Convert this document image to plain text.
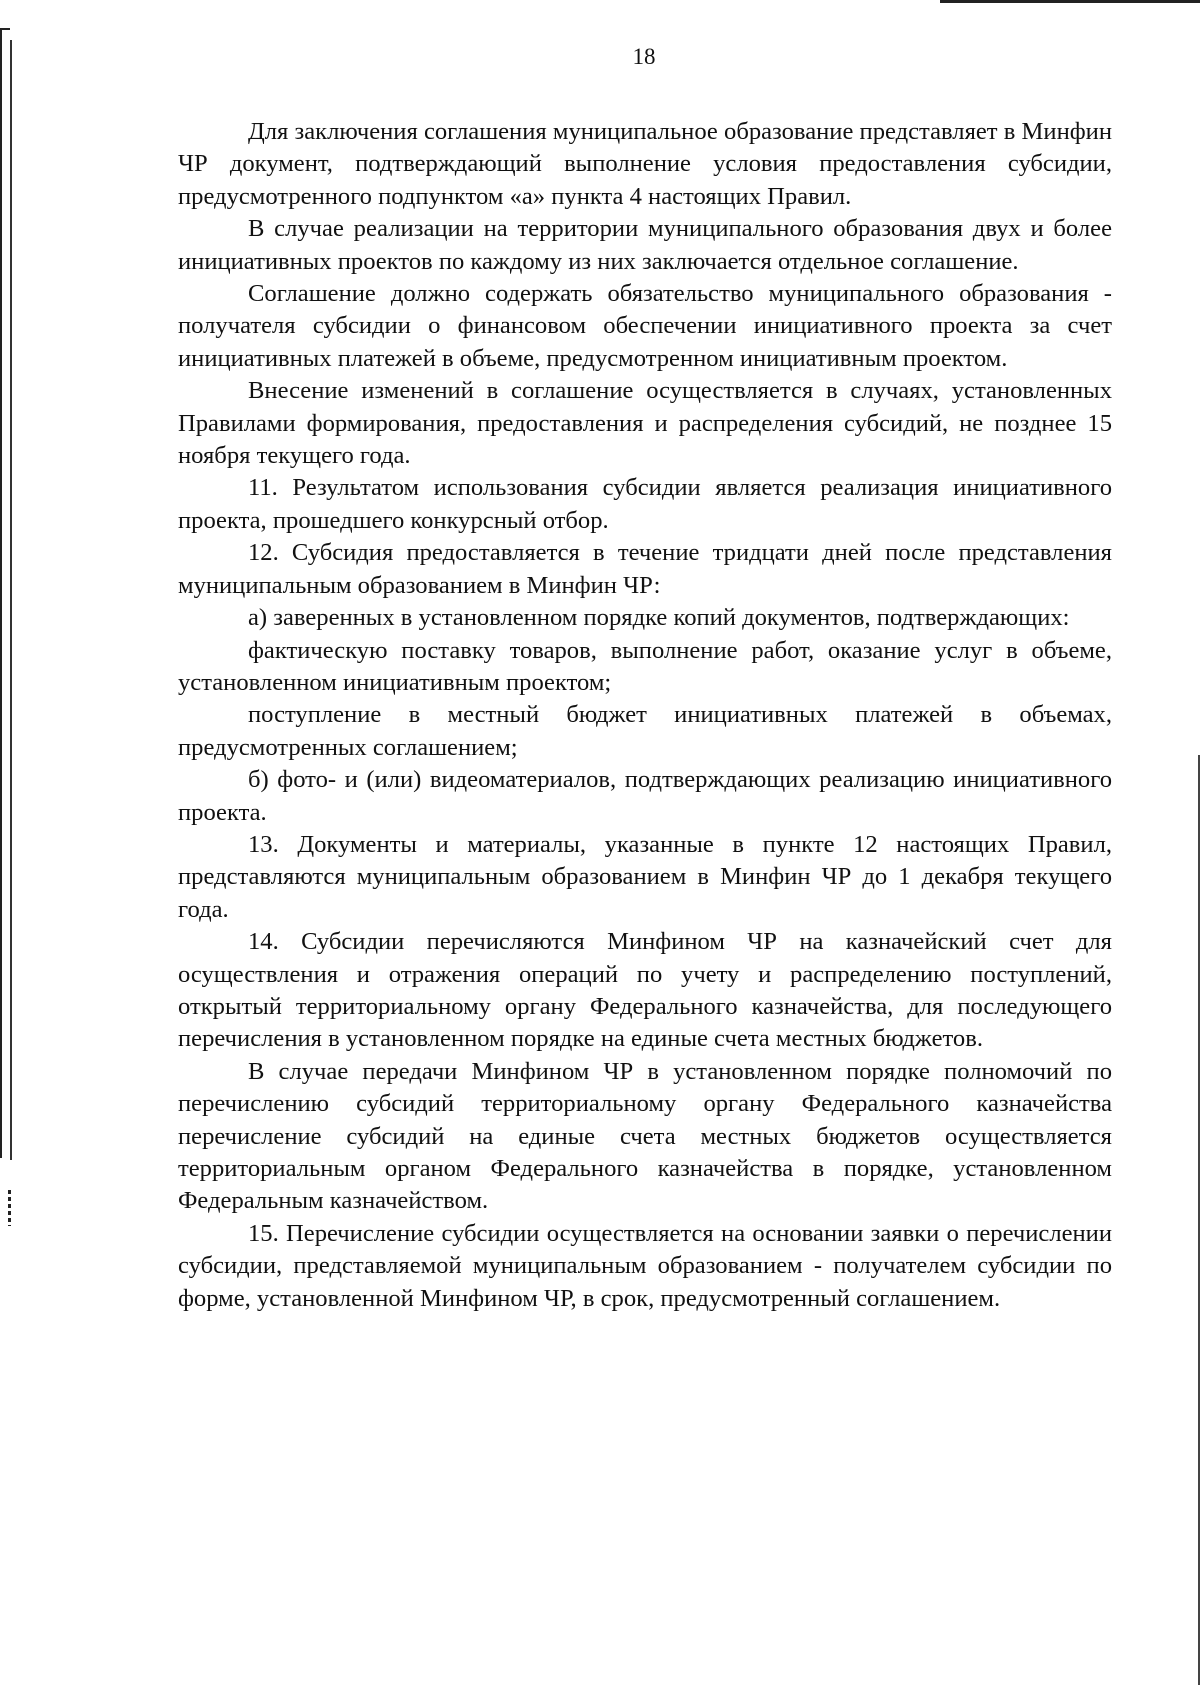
18

Для заключения соглашения муниципальное образование представляет в Минфин ЧР документ, подтверждающий выполнение условия предоставления субсидии, предусмотренного подпунктом «а» пункта 4 настоящих Правил.

В случае реализации на территории муниципального образования двух и более инициативных проектов по каждому из них заключается отдельное соглашение.

Соглашение должно содержать обязательство муниципального образования - получателя субсидии о финансовом обеспечении инициативного проекта за счет инициативных платежей в объеме, предусмотренном инициативным проектом.

Внесение изменений в соглашение осуществляется в случаях, установленных Правилами формирования, предоставления и распределения субсидий, не позднее 15 ноября текущего года.

11. Результатом использования субсидии является реализация инициативного проекта, прошедшего конкурсный отбор.

12. Субсидия предоставляется в течение тридцати дней после представления муниципальным образованием в Минфин ЧР:

а) заверенных в установленном порядке копий документов, подтверждающих:

фактическую поставку товаров, выполнение работ, оказание услуг в объеме, установленном инициативным проектом;

поступление в местный бюджет инициативных платежей в объемах, предусмотренных соглашением;

б) фото- и (или) видеоматериалов, подтверждающих реализацию инициативного проекта.

13. Документы и материалы, указанные в пункте 12 настоящих Правил, представляются муниципальным образованием в Минфин ЧР до 1 декабря текущего года.

14. Субсидии перечисляются Минфином ЧР на казначейский счет для осуществления и отражения операций по учету и распределению поступлений, открытый территориальному органу Федерального казначейства, для последующего перечисления в установленном порядке на единые счета местных бюджетов.

В случае передачи Минфином ЧР в установленном порядке полномочий по перечислению субсидий территориальному органу Федерального казначейства перечисление субсидий на единые счета местных бюджетов осуществляется территориальным органом Федерального казначейства в порядке, установленном Федеральным казначейством.

15. Перечисление субсидии осуществляется на основании заявки о перечислении субсидии, представляемой муниципальным образованием - получателем субсидии по форме, установленной Минфином ЧР, в срок, предусмотренный соглашением.
